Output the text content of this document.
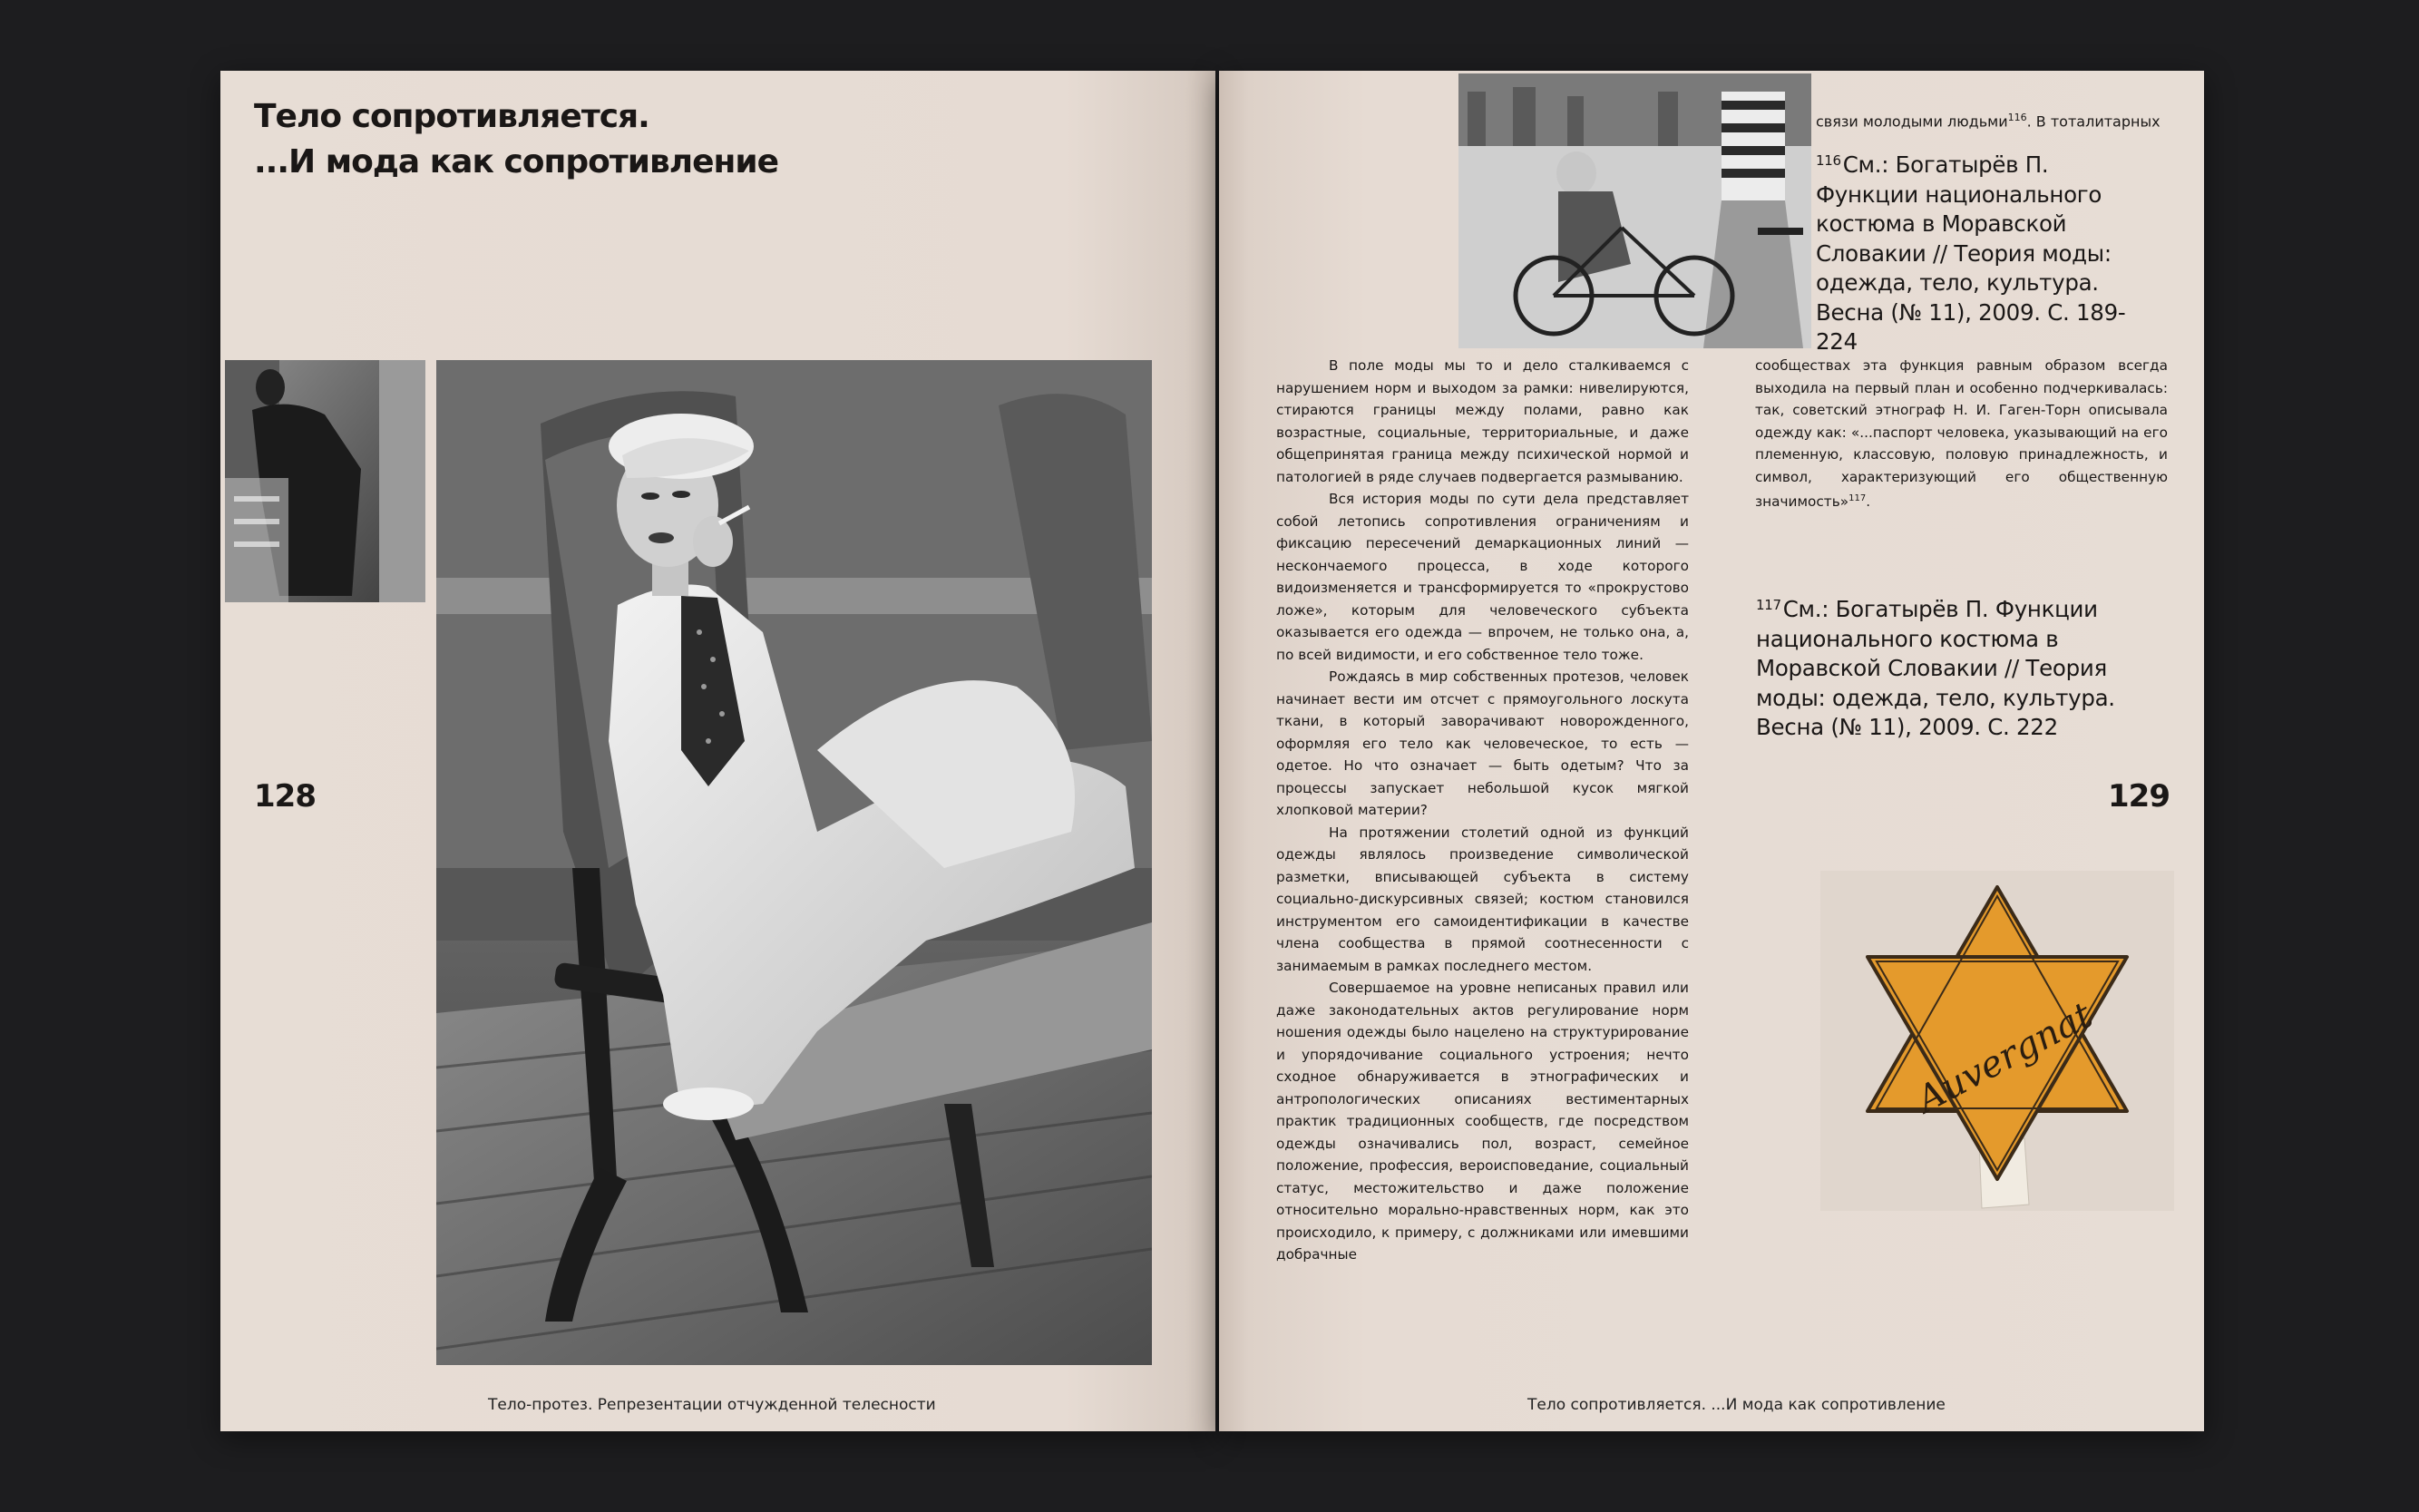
Тело сопротивляется.
...И мода как сопротивление
128
Тело-протез. Репрезентации отчужденной телесности
связи молодыми людьми$^{116}$. В тоталитарных
$^{116}$См.: Богатырёв П. Функции национального костюма в Моравской Словакии // Теория моды: одежда, тело, культура. Весна (№ 11), 2009. С. 189-224

В поле моды мы то и дело сталкиваемся с нарушением норм и выходом за рамки: нивелируются, стираются границы между полами, равно как возрастные, социальные, территориальные, и даже общепринятая граница между психической нормой и патологией в ряде случаев подвергается размыванию.

Вся история моды по сути дела представляет собой летопись сопротивления ограничениям и фиксацию пересечений демаркационных линий — нескончаемого процесса, в ходе которого видоизменяется и трансформируется то «прокрустово ложе», которым для человеческого субъекта оказывается его одежда — впрочем, не только она, а, по всей видимости, и его собственное тело тоже.

Рождаясь в мир собственных протезов, человек начинает вести им отсчет с прямоугольного лоскута ткани, в который заворачивают новорожденного, оформляя его тело как человеческое, то есть — одетое. Но что означает — быть одетым? Что за процессы запускает небольшой кусок мягкой хлопковой материи?

На протяжении столетий одной из функций одежды являлось произведение символической разметки, вписывающей субъекта в систему социально-дискурсивных связей; костюм становился инструментом его самоидентификации в качестве члена сообщества в прямой соотнесенности с занимаемым в рамках последнего местом.

Совершаемое на уровне неписаных правил или даже законодательных актов регулирование норм ношения одежды было нацелено на структурирование и упорядочивание социального устроения; нечто сходное обнаруживается в этнографических и антропологических описаниях вестиментарных практик традиционных сообществ, где посредством одежды означивались пол, возраст, семейное положение, профессия, вероисповедание, социальный статус, местожительство и даже положение относительно морально-нравственных норм, как это происходило, к примеру, с должниками или имевшими добрачные

сообществах эта функция равным образом всегда выходила на первый план и особенно подчеркивалась: так, советский этнограф Н. И. Гаген-Торн описывала одежду как: «...паспорт человека, указывающий на его племенную, классовую, половую принадлежность, и символ, характеризующий его общественную значимость»$^{117}$.

$^{117}$См.: Богатырёв П. Функции национального костюма в Моравской Словакии // Теория моды: одежда, тело, культура. Весна (№ 11), 2009. С. 222
129
Auvergnat
Тело сопротивляется. ...И мода как сопротивление
